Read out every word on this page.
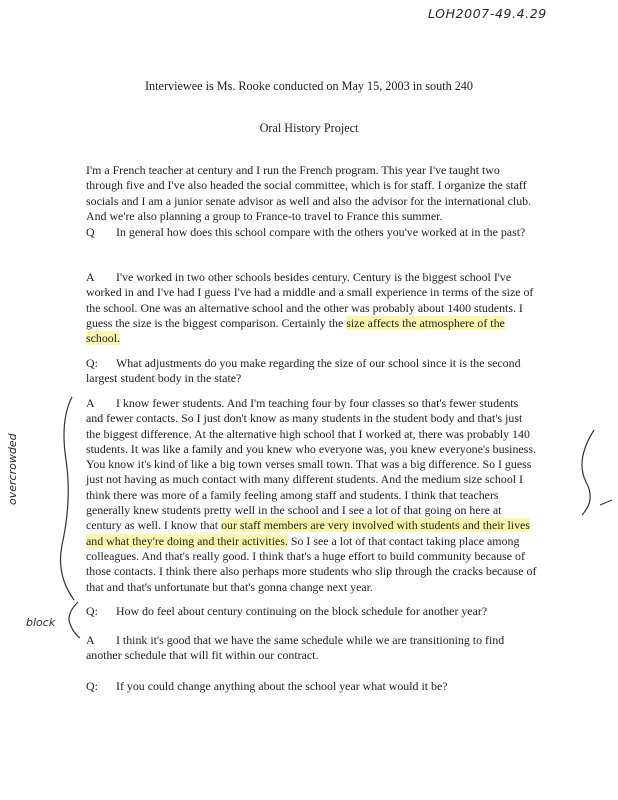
LOH2007-49.4.29
Interviewee is Ms. Rooke conducted on May 15, 2003 in south 240
Oral History Project
I'm a French teacher at century and I run the French program. This year I've taught two through five and I've also headed the social committee, which is for staff. I organize the staff socials and I am a junior senate advisor as well and also the advisor for the international club. And we're also planning a group to France-to travel to France this summer.
Q In general how does this school compare with the others you've worked at in the past?
A I've worked in two other schools besides century. Century is the biggest school I've worked in and I've had I guess I've had a middle and a small experience in terms of the size of the school. One was an alternative school and the other was probably about 1400 students. I guess the size is the biggest comparison. Certainly the size affects the atmosphere of the school.
Q: What adjustments do you make regarding the size of our school since it is the second largest student body in the state?
A I know fewer students. And I'm teaching four by four classes so that's fewer students and fewer contacts. So I just don't know as many students in the student body and that's just the biggest difference. At the alternative high school that I worked at, there was probably 140 students. It was like a family and you knew who everyone was, you knew everyone's business. You know it's kind of like a big town verses small town. That was a big difference. So I guess just not having as much contact with many different students. And the medium size school I think there was more of a family feeling among staff and students. I think that teachers generally knew students pretty well in the school and I see a lot of that going on here at century as well. I know that our staff members are very involved with students and their lives and what they're doing and their activities. So I see a lot of that contact taking place among colleagues. And that's really good. I think that's a huge effort to build community because of those contacts. I think there also perhaps more students who slip through the cracks because of that and that's unfortunate but that's gonna change next year.
Q: How do feel about century continuing on the block schedule for another year?
A I think it's good that we have the same schedule while we are transitioning to find another schedule that will fit within our contract.
Q: If you could change anything about the school year what would it be?
overcrowded
block
